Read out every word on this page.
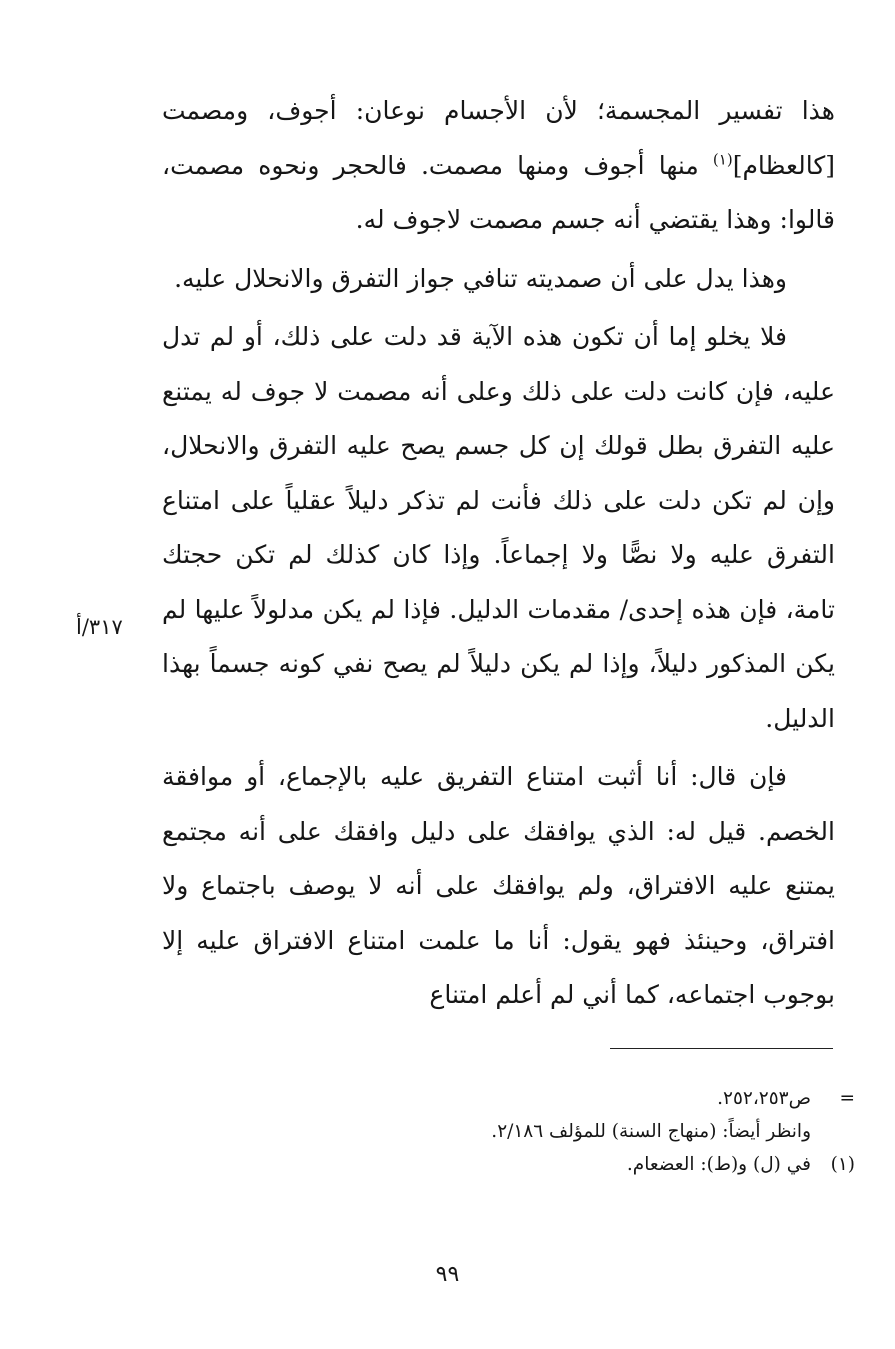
هذا تفسير المجسمة؛ لأن الأجسام نوعان: أجوف، ومصمت [كالعظام]$^{(١)}$ منها أجوف ومنها مصمت. فالحجر ونحوه مصمت، قالوا: وهذا يقتضي أنه جسم مصمت لاجوف له.

وهذا يدل على أن صمديته تنافي جواز التفرق والانحلال عليه.

فلا يخلو إما أن تكون هذه الآية قد دلت على ذلك، أو لم تدل عليه، فإن كانت دلت على ذلك وعلى أنه مصمت لا جوف له يمتنع عليه التفرق بطل قولك إن كل جسم يصح عليه التفرق والانحلال، وإن لم تكن دلت على ذلك فأنت لم تذكر دليلاً عقلياً على امتناع التفرق عليه ولا نصًّا ولا إجماعاً. وإذا كان كذلك لم تكن حجتك تامة، فإن هذه إحدى/ مقدمات الدليل. فإذا لم يكن مدلولاً عليها لم يكن المذكور دليلاً، وإذا لم يكن دليلاً لم يصح نفي كونه جسماً بهذا الدليل.

فإن قال: أنا أثبت امتناع التفريق عليه بالإجماع، أو موافقة الخصم. قيل له: الذي يوافقك على دليل وافقك على أنه مجتمع يمتنع عليه الافتراق، ولم يوافقك على أنه لا يوصف باجتماع ولا افتراق، وحينئذ فهو يقول: أنا ما علمت امتناع الافتراق عليه إلا بوجوب اجتماعه، كما أني لم أعلم امتناع

٣١٧/أ
=
ص٢٥٢،٢٥٣.
وانظر أيضاً: (منهاج السنة) للمؤلف ٢/١٨٦.
(١)
في (ل) و(ط): العضعام.
٩٩
